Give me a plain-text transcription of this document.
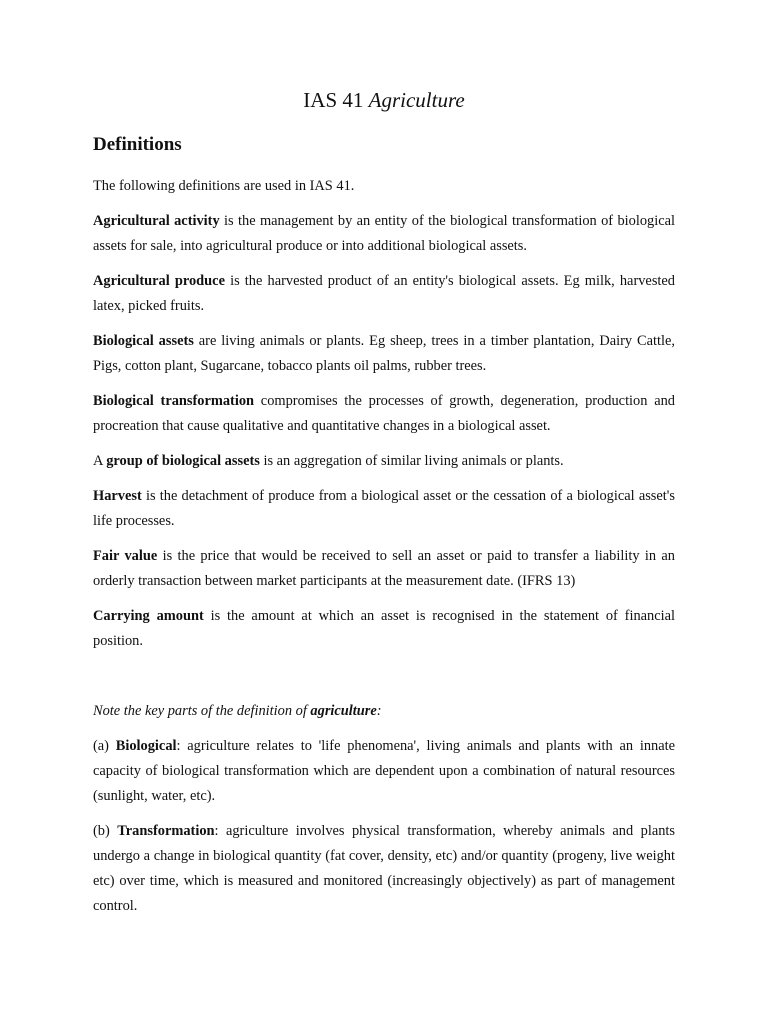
IAS 41 Agriculture
Definitions

The following definitions are used in IAS 41.

Agricultural activity is the management by an entity of the biological transformation of biological assets for sale, into agricultural produce or into additional biological assets.

Agricultural produce is the harvested product of an entity's biological assets. Eg milk, harvested latex, picked fruits.

Biological assets are living animals or plants. Eg sheep, trees in a timber plantation, Dairy Cattle, Pigs, cotton plant, Sugarcane, tobacco plants oil palms, rubber trees.

Biological transformation compromises the processes of growth, degeneration, production and procreation that cause qualitative and quantitative changes in a biological asset.

A group of biological assets is an aggregation of similar living animals or plants.

Harvest is the detachment of produce from a biological asset or the cessation of a biological asset's life processes.

Fair value is the price that would be received to sell an asset or paid to transfer a liability in an orderly transaction between market participants at the measurement date. (IFRS 13)

Carrying amount is the amount at which an asset is recognised in the statement of financial position.

Note the key parts of the definition of agriculture:

(a) Biological: agriculture relates to 'life phenomena', living animals and plants with an innate capacity of biological transformation which are dependent upon a combination of natural resources (sunlight, water, etc).

(b) Transformation: agriculture involves physical transformation, whereby animals and plants undergo a change in biological quantity (fat cover, density, etc) and/or quantity (progeny, live weight etc) over time, which is measured and monitored (increasingly objectively) as part of management control.
